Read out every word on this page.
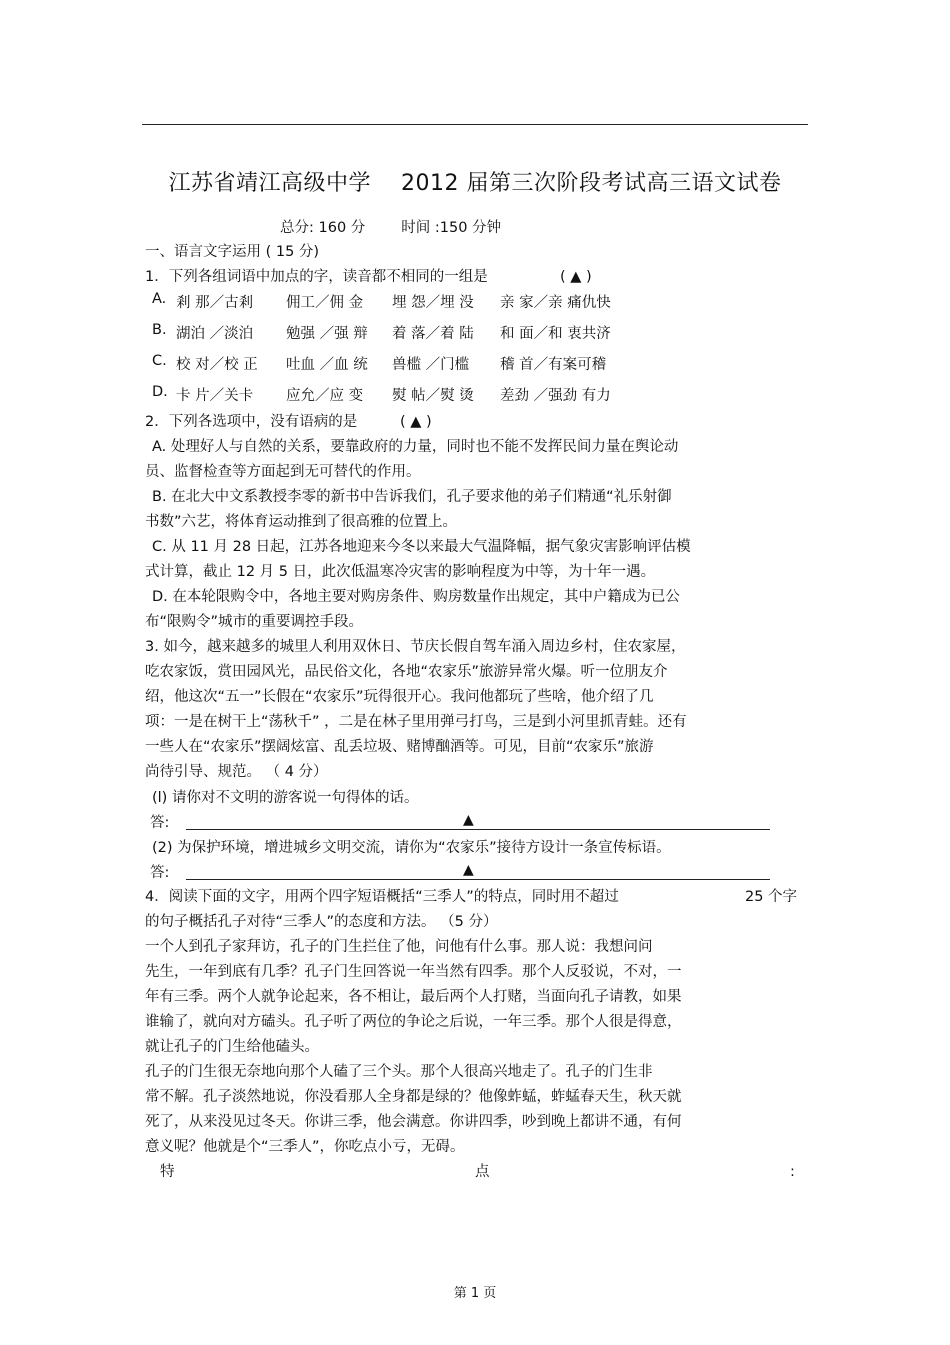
江苏省靖江高级中学 2012 届第三次阶段考试高三语文试卷
总分: 160 分 时间 :150 分钟
一、语言文字运用 ( 15 分)
1．下列各组词语中加点的字，读音都不相同的一组是	( ▲ )
A. 剎 那／古剎 佣工／佣 金 埋 怨／埋 没 亲 家／亲 痛仇快
B. 湖泊 ／淡泊 勉强 ／强 辩 着 落／着 陆 和 面／和 衷共济
C. 校 对／校 正 吐血 ／血 统 兽槛 ／门槛 稽 首／有案可稽
D. 卡 片／关卡 应允／应 变 熨 帖／熨 烫 差劲 ／强劲 有力
2．下列各选项中，没有语病的是	( ▲ )
A. 处理好人与自然的关系，要靠政府的力量，同时也不能不发挥民间力量在舆论动
员、监督检查等方面起到无可替代的作用。
B. 在北大中文系教授李零的新书中告诉我们，孔子要求他的弟子们精通“礼乐射御
书数”六艺，将体育运动推到了很高雅的位置上。
C. 从 11 月 28 日起，江苏各地迎来今冬以来最大气温降幅，据气象灾害影响评估模
式计算，截止 12 月 5 日，此次低温寒冷灾害的影响程度为中等，为十年一遇。
D. 在本轮限购令中，各地主要对购房条件、购房数量作出规定，其中户籍成为已公
布“限购令”城市的重要调控手段。
3. 如今，越来越多的城里人利用双休日、节庆长假自驾车涌入周边乡村，住农家屋，
吃农家饭，赏田园风光，品民俗文化，各地“农家乐”旅游异常火爆。听一位朋友介
绍，他这次“五一”长假在“农家乐”玩得很开心。我问他都玩了些啥，他介绍了几
项：一是在树干上“荡秋千” ，二是在林子里用弹弓打鸟，三是到小河里抓青蛙。还有
一些人在“农家乐”摆阔炫富、乱丢垃圾、赌博酗酒等。可见，目前“农家乐”旅游
尚待引导、规范。 （ 4 分）
(l) 请你对不文明的游客说一句得体的话。
答:	▲
(2) 为保护环境，增进城乡文明交流，请你为“农家乐”接待方设计一条宣传标语。
答:	▲
4．阅读下面的文字，用两个四字短语概括“三季人”的特点，同时用不超过	25 个字
的句子概括孔子对待“三季人”的态度和方法。 （5 分）
一个人到孔子家拜访，孔子的门生拦住了他，问他有什么事。那人说：我想问问
先生，一年到底有几季？孔子门生回答说一年当然有四季。那个人反驳说，不对，一
年有三季。两个人就争论起来，各不相让，最后两个人打赌，当面向孔子请教，如果
谁输了，就向对方磕头。孔子听了两位的争论之后说，一年三季。那个人很是得意，
就让孔子的门生给他磕头。
孔子的门生很无奈地向那个人磕了三个头。那个人很高兴地走了。孔子的门生非
常不解。孔子淡然地说，你没看那人全身都是绿的？他像蚱蜢，蚱蜢春天生，秋天就
死了，从来没见过冬天。你讲三季，他会满意。你讲四季，吵到晚上都讲不通，有何
意义呢？他就是个“三季人”，你吃点小亏，无碍。
特	点	:
第 1 页
